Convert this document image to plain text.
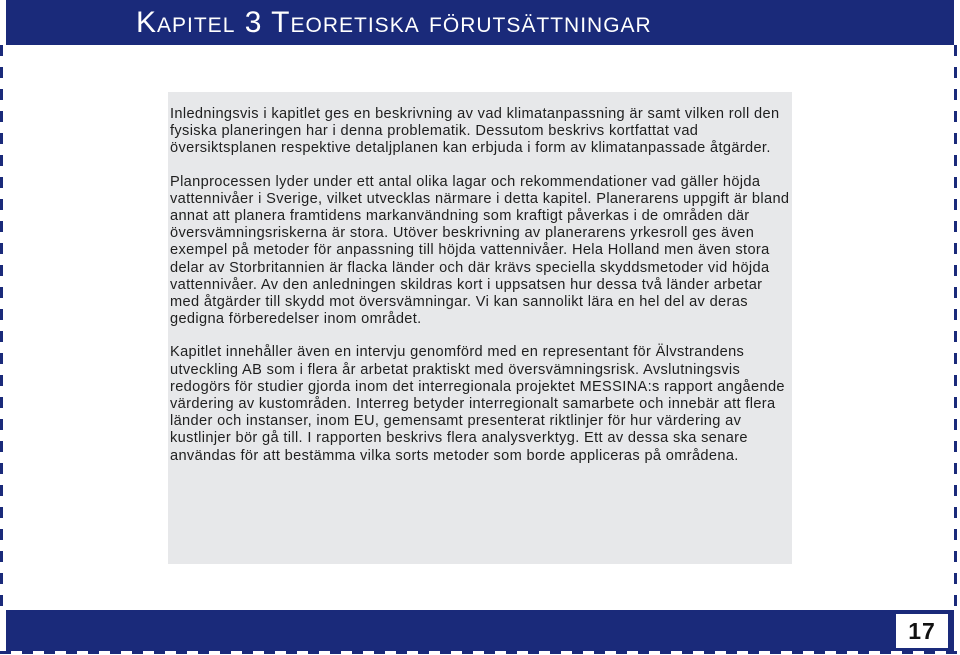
Kapitel 3 Teoretiska förutsättningar

Inledningsvis i kapitlet ges en beskrivning av vad klimatanpassning är samt vilken roll den fysiska planeringen har i denna problematik. Dessutom beskrivs kortfattat vad översiktsplanen respektive detaljplanen kan erbjuda i form av klimatanpassade åtgärder.

Planprocessen lyder under ett antal olika lagar och rekommendationer vad gäller höjda vattennivåer i Sverige, vilket utvecklas närmare i detta kapitel. Planerarens uppgift är bland annat att planera framtidens markanvändning som kraftigt påverkas i de områden där översvämningsriskerna är stora. Utöver beskrivning av planerarens yrkesroll ges även exempel på metoder för anpassning till höjda vattennivåer. Hela Holland men även stora delar av Storbritannien är flacka länder och där krävs speciella skyddsmetoder vid höjda vattennivåer. Av den anledningen skildras kort i uppsatsen hur dessa två länder arbetar med åtgärder till skydd mot översvämningar. Vi kan sannolikt lära en hel del av deras gedigna förberedelser inom området.

Kapitlet innehåller även en intervju genomförd med en representant för Älvstrandens utveckling AB som i flera år arbetat praktiskt med översvämningsrisk. Avslutningsvis redogörs för studier gjorda inom det interregionala projektet MESSINA:s rapport angående värdering av kustområden. Interreg betyder interregionalt samarbete och innebär att flera länder och instanser, inom EU, gemensamt presenterat riktlinjer för hur värdering av kustlinjer bör gå till. I rapporten beskrivs flera analysverktyg. Ett av dessa ska senare användas för att bestämma vilka sorts metoder som borde appliceras på områdena.

17
